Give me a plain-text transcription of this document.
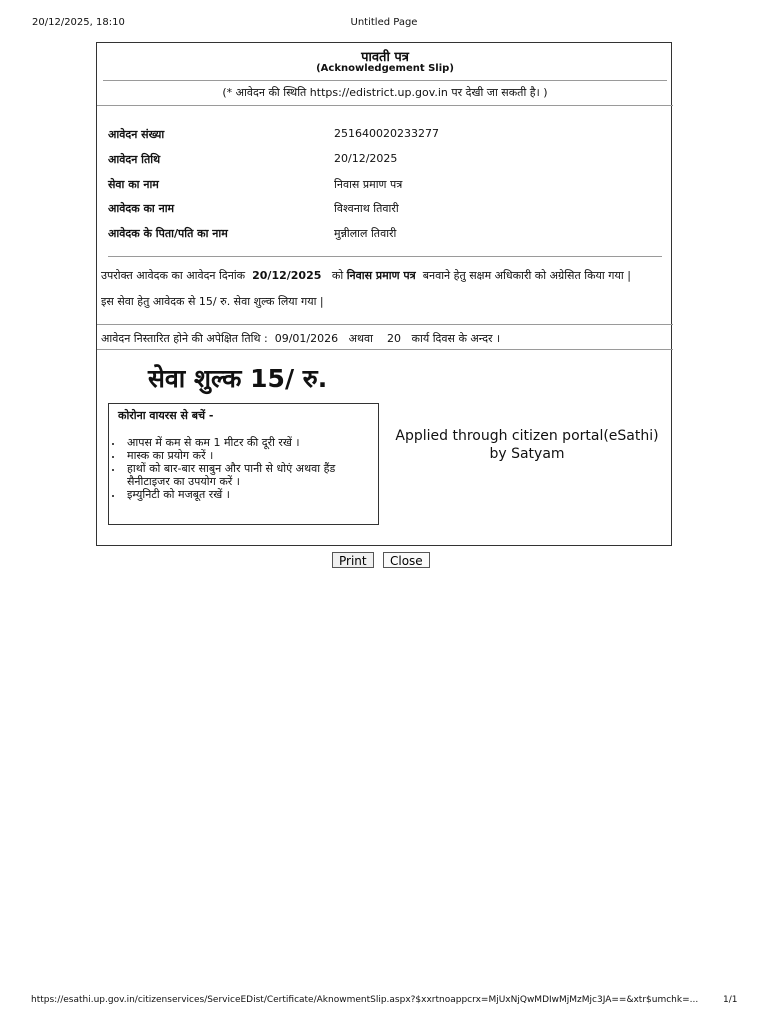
20/12/2025, 18:10	Untitled Page
पावती पत्र
(Acknowledgement Slip)
(* आवेदन की स्थिति https://edistrict.up.gov.in पर देखी जा सकती है। )
आवेदन संख्या	251640020233277
आवेदन तिथि	20/12/2025
सेवा का नाम	निवास प्रमाण पत्र
आवेदक का नाम	विश्वनाथ तिवारी
आवेदक के पिता/पति का नाम	मुन्नीलाल तिवारी
उपरोक्त आवेदक का आवेदन दिनांक 20/12/2025 को निवास प्रमाण पत्र बनवाने हेतु सक्षम अधिकारी को अग्रेसित किया गया |
इस सेवा हेतु आवेदक से 15/ रु. सेवा शुल्क लिया गया |
आवेदन निस्तारित होने की अपेक्षित तिथि : 09/01/2026 अथवा 20 कार्य दिवस के अन्दर ।
सेवा शुल्क 15/ रु.
कोरोना वायरस से बचें -
• आपस में कम से कम 1 मीटर की दूरी रखें ।
• मास्क का प्रयोग करें ।
• हाथों को बार-बार साबुन और पानी से धोएं अथवा हैंड सैनीटाइजर का उपयोग करें ।
• इम्युनिटी को मजबूत रखें ।
Applied through citizen portal(eSathi) by Satyam
Print	Close
https://esathi.up.gov.in/citizenservices/ServiceEDist/Certificate/AknowmentSlip.aspx?$xxrtnoappcrx=MjUxNjQwMDIwMjMzMjc3JA==&xtr$umchk=...	1/1
